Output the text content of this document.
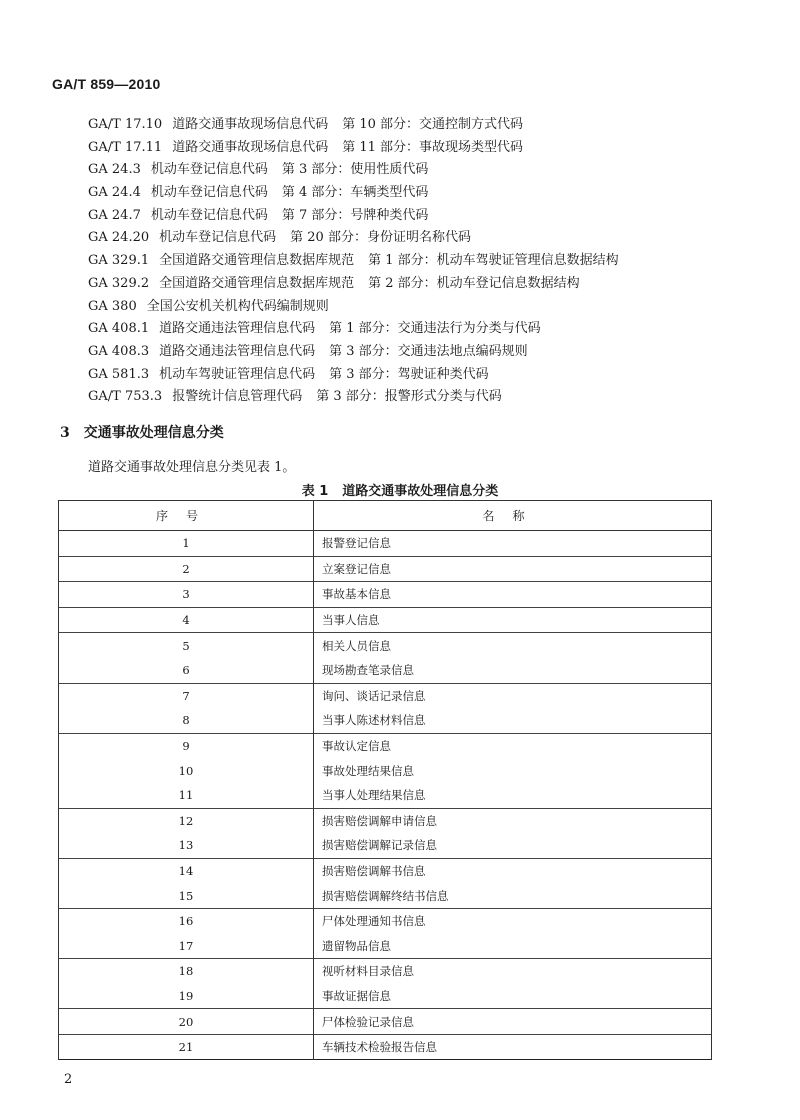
GA/T 859—2010
GA/T 17.10 道路交通事故现场信息代码 第 10 部分：交通控制方式代码
GA/T 17.11 道路交通事故现场信息代码 第 11 部分：事故现场类型代码
GA 24.3 机动车登记信息代码 第 3 部分：使用性质代码
GA 24.4 机动车登记信息代码 第 4 部分：车辆类型代码
GA 24.7 机动车登记信息代码 第 7 部分：号牌种类代码
GA 24.20 机动车登记信息代码 第 20 部分：身份证明名称代码
GA 329.1 全国道路交通管理信息数据库规范 第 1 部分：机动车驾驶证管理信息数据结构
GA 329.2 全国道路交通管理信息数据库规范 第 2 部分：机动车登记信息数据结构
GA 380 全国公安机关机构代码编制规则
GA 408.1 道路交通违法管理信息代码 第 1 部分：交通违法行为分类与代码
GA 408.3 道路交通违法管理信息代码 第 3 部分：交通违法地点编码规则
GA 581.3 机动车驾驶证管理信息代码 第 3 部分：驾驶证种类代码
GA/T 753.3 报警统计信息管理代码 第 3 部分：报警形式分类与代码
3 交通事故处理信息分类
道路交通事故处理信息分类见表 1。
表 1 道路交通事故处理信息分类
序号	名称
1	报警登记信息
2	立案登记信息
3	事故基本信息
4	当事人信息
5	相关人员信息
6	现场勘查笔录信息
7	询问、谈话记录信息
8	当事人陈述材料信息
9	事故认定信息
10	事故处理结果信息
11	当事人处理结果信息
12	损害赔偿调解申请信息
13	损害赔偿调解记录信息
14	损害赔偿调解书信息
15	损害赔偿调解终结书信息
16	尸体处理通知书信息
17	遗留物品信息
18	视听材料目录信息
19	事故证据信息
20	尸体检验记录信息
21	车辆技术检验报告信息
2
